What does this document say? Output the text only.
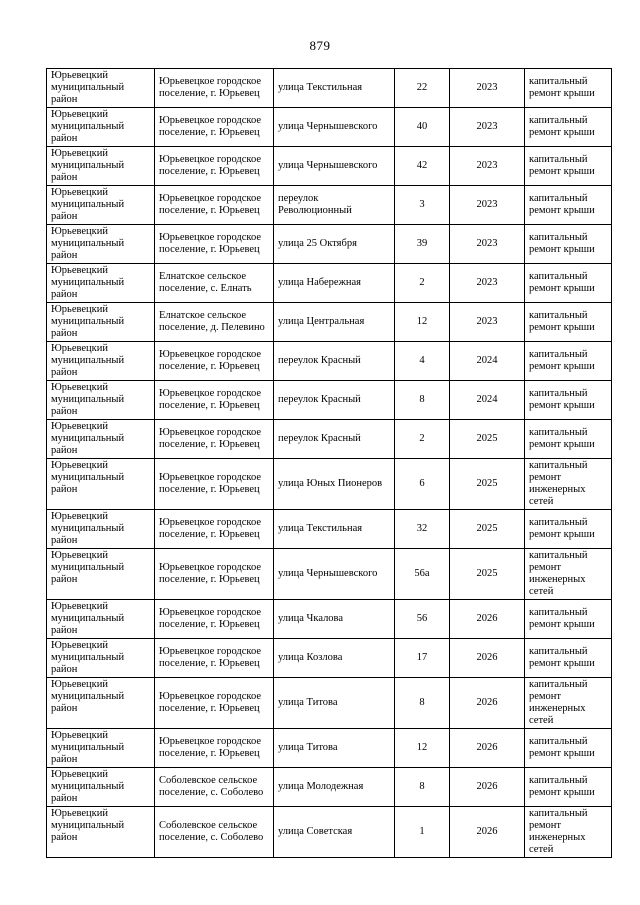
879
Юрьевецкий муниципальный район	Юрьевецкое городское поселение, г. Юрьевец	улица Текстильная	22	2023	капитальный ремонт крыши
Юрьевецкий муниципальный район	Юрьевецкое городское поселение, г. Юрьевец	улица Чернышевского	40	2023	капитальный ремонт крыши
Юрьевецкий муниципальный район	Юрьевецкое городское поселение, г. Юрьевец	улица Чернышевского	42	2023	капитальный ремонт крыши
Юрьевецкий муниципальный район	Юрьевецкое городское поселение, г. Юрьевец	переулок Революционный	3	2023	капитальный ремонт крыши
Юрьевецкий муниципальный район	Юрьевецкое городское поселение, г. Юрьевец	улица 25 Октября	39	2023	капитальный ремонт крыши
Юрьевецкий муниципальный район	Елнатское сельское поселение, с. Елнать	улица Набережная	2	2023	капитальный ремонт крыши
Юрьевецкий муниципальный район	Елнатское сельское поселение, д. Пелевино	улица Центральная	12	2023	капитальный ремонт крыши
Юрьевецкий муниципальный район	Юрьевецкое городское поселение, г. Юрьевец	переулок Красный	4	2024	капитальный ремонт крыши
Юрьевецкий муниципальный район	Юрьевецкое городское поселение, г. Юрьевец	переулок Красный	8	2024	капитальный ремонт крыши
Юрьевецкий муниципальный район	Юрьевецкое городское поселение, г. Юрьевец	переулок Красный	2	2025	капитальный ремонт крыши
Юрьевецкий муниципальный район	Юрьевецкое городское поселение, г. Юрьевец	улица Юных Пионеров	6	2025	капитальный ремонт инженерных сетей
Юрьевецкий муниципальный район	Юрьевецкое городское поселение, г. Юрьевец	улица Текстильная	32	2025	капитальный ремонт крыши
Юрьевецкий муниципальный район	Юрьевецкое городское поселение, г. Юрьевец	улица Чернышевского	56а	2025	капитальный ремонт инженерных сетей
Юрьевецкий муниципальный район	Юрьевецкое городское поселение, г. Юрьевец	улица Чкалова	56	2026	капитальный ремонт крыши
Юрьевецкий муниципальный район	Юрьевецкое городское поселение, г. Юрьевец	улица Козлова	17	2026	капитальный ремонт крыши
Юрьевецкий муниципальный район	Юрьевецкое городское поселение, г. Юрьевец	улица Титова	8	2026	капитальный ремонт инженерных сетей
Юрьевецкий муниципальный район	Юрьевецкое городское поселение, г. Юрьевец	улица Титова	12	2026	капитальный ремонт крыши
Юрьевецкий муниципальный район	Соболевское сельское поселение, с. Соболево	улица Молодежная	8	2026	капитальный ремонт крыши
Юрьевецкий муниципальный район	Соболевское сельское поселение, с. Соболево	улица Советская	1	2026	капитальный ремонт инженерных сетей
